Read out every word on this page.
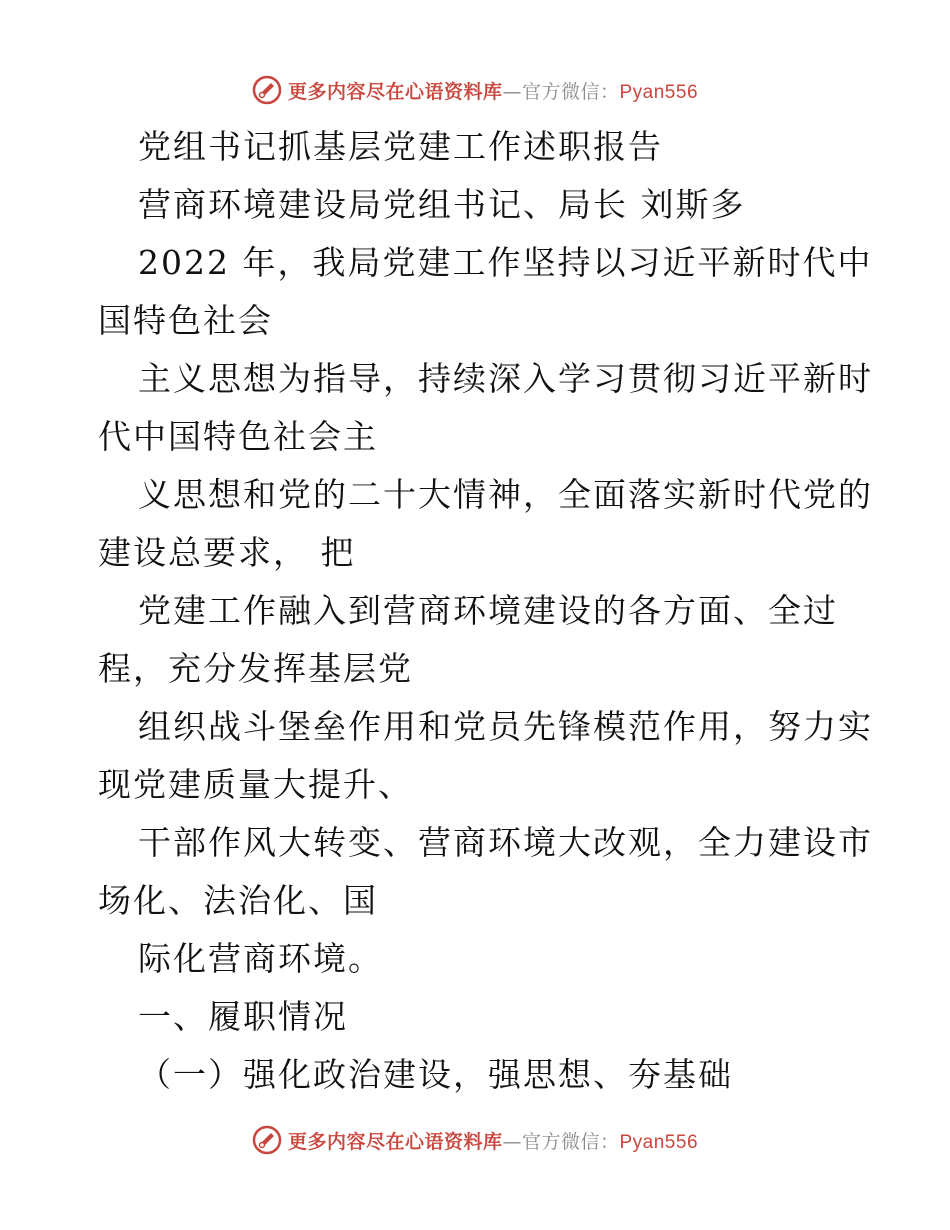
更多内容尽在心语资料库—官方微信：Pyan556
党组书记抓基层党建工作述职报告
营商环境建设局党组书记、局长 刘斯多
2022 年，我局党建工作坚持以习近平新时代中
国特色社会
主义思想为指导，持续深入学习贯彻习近平新时
代中国特色社会主
义思想和党的二十大情神，全面落实新时代党的
建设总要求， 把
党建工作融入到营商环境建设的各方面、全过
程，充分发挥基层党
组织战斗堡垒作用和党员先锋模范作用，努力实
现党建质量大提升、
干部作风大转变、营商环境大改观，全力建设市
场化、法治化、国
际化营商环境。
一、履职情况
（一）强化政治建设，强思想、夯基础
更多内容尽在心语资料库—官方微信：Pyan556
